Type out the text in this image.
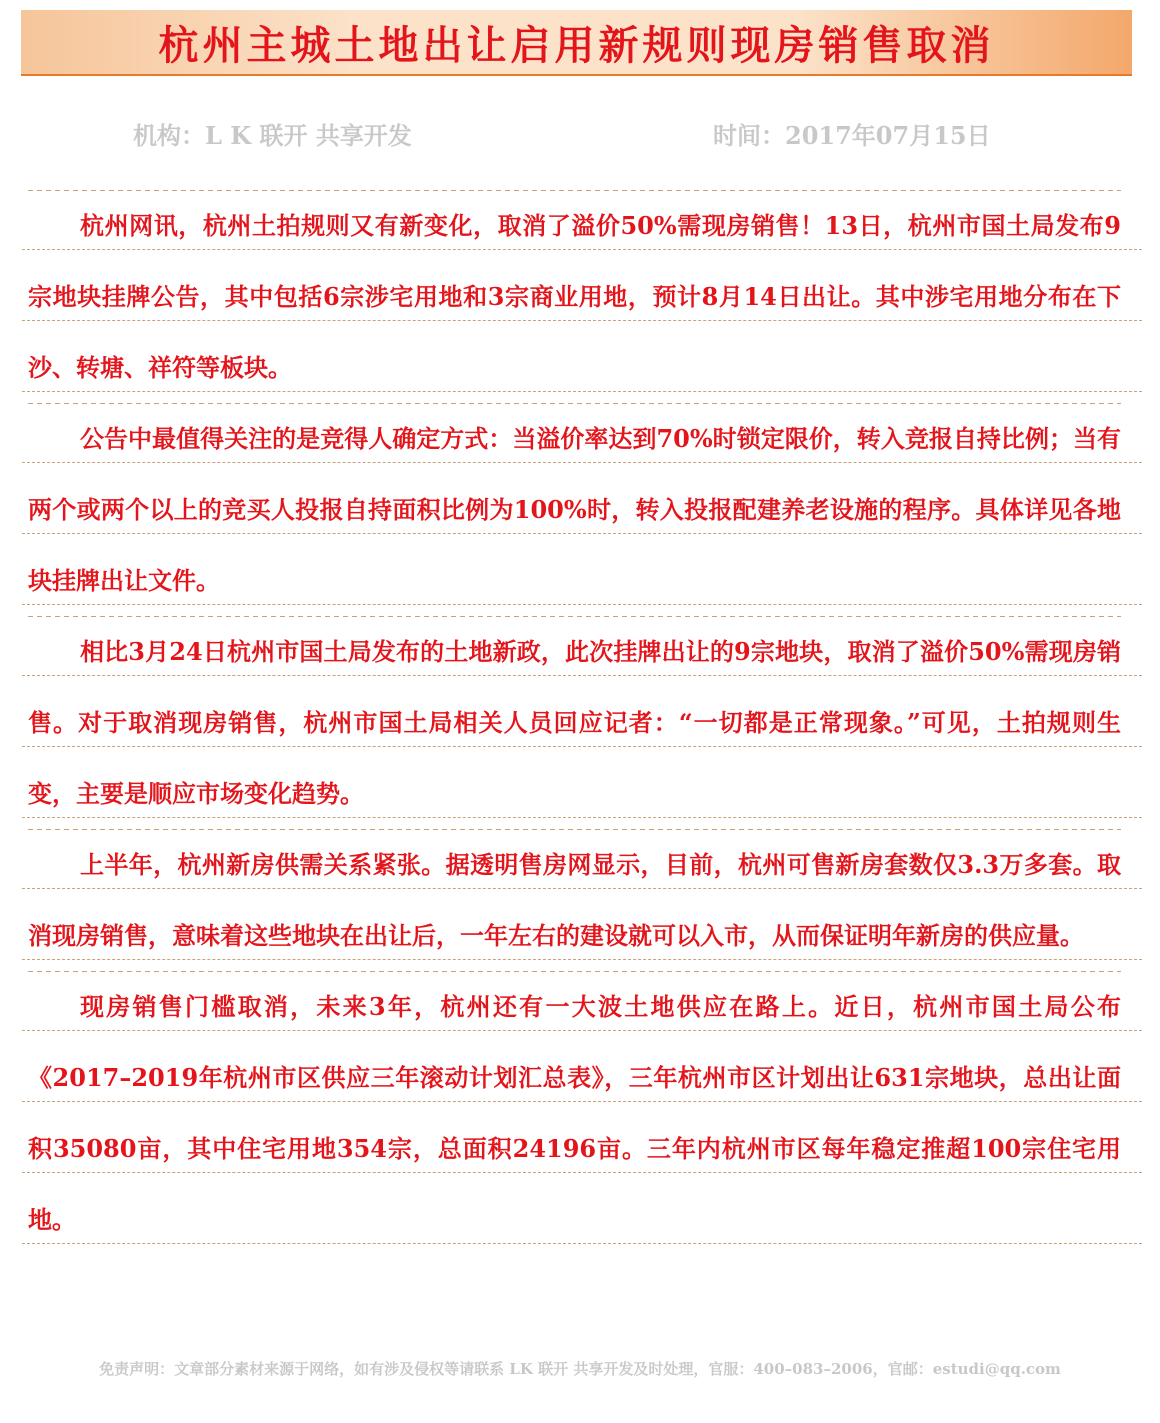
杭州主城土地出让启用新规则现房销售取消
机构：L K 联开 共享开发	时间：2017年07月15日

杭州网讯，杭州土拍规则又有新变化，取消了溢价50%需现房销售！13日，杭州市国土局发布9宗地块挂牌公告，其中包括6宗涉宅用地和3宗商业用地，预计8月14日出让。其中涉宅用地分布在下沙、转塘、祥符等板块。

公告中最值得关注的是竞得人确定方式：当溢价率达到70%时锁定限价，转入竞报自持比例；当有两个或两个以上的竞买人投报自持面积比例为100%时，转入投报配建养老设施的程序。具体详见各地块挂牌出让文件。

相比3月24日杭州市国土局发布的土地新政，此次挂牌出让的9宗地块，取消了溢价50%需现房销售。对于取消现房销售，杭州市国土局相关人员回应记者：“一切都是正常现象。”可见，土拍规则生变，主要是顺应市场变化趋势。

上半年，杭州新房供需关系紧张。据透明售房网显示，目前，杭州可售新房套数仅3.3万多套。取消现房销售，意味着这些地块在出让后，一年左右的建设就可以入市，从而保证明年新房的供应量。

现房销售门槛取消，未来3年，杭州还有一大波土地供应在路上。近日，杭州市国土局公布《2017–2019年杭州市区供应三年滚动计划汇总表》，三年杭州市区计划出让631宗地块，总出让面积35080亩，其中住宅用地354宗，总面积24196亩。三年内杭州市区每年稳定推超100宗住宅用地。

免责声明：文章部分素材来源于网络，如有涉及侵权等请联系 LK 联开 共享开发及时处理，官服：400–083–2006，官邮：estudi@qq.com
